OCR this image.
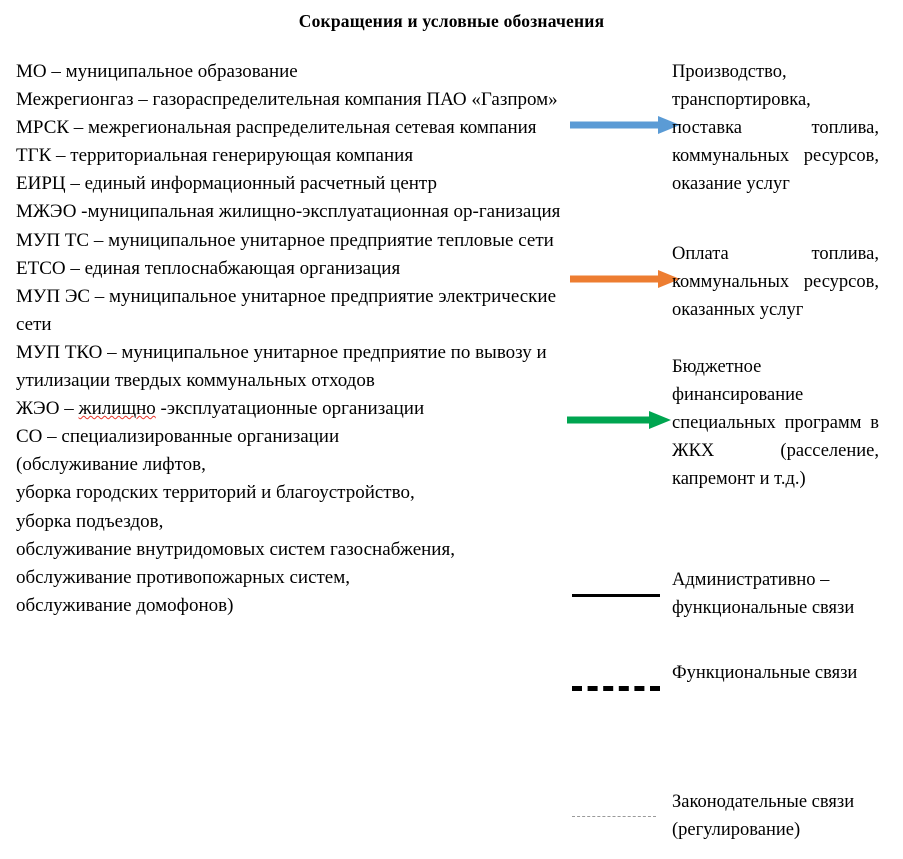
Сокращения и условные обозначения

МО – муниципальное образование

Межрегионгаз – газораспределительная компания ПАО «Газпром»

МРСК – межрегиональная распределительная сетевая компания

ТГК – территориальная генерирующая компания

ЕИРЦ – единый информационный расчетный центр

МЖЭО -муниципальная жилищно-эксплуатационная ор-ганизация

МУП ТС – муниципальное унитарное предприятие тепловые сети

ЕТСО – единая теплоснабжающая организация

МУП ЭС – муниципальное унитарное предприятие электрические сети

МУП ТКО – муниципальное унитарное предприятие по вывозу и утилизации твердых коммунальных отходов

ЖЭО – жилищно -эксплуатационные организации

СО – специализированные организации

(обслуживание лифтов,

уборка городских территорий и благоустройство,

уборка подъездов,

обслуживание внутридомовых систем газоснабжения,

обслуживание противопожарных систем,

обслуживание домофонов)

Производство, транспортировка, поставка топлива, коммунальных ресурсов, оказание услуг
Оплата топлива, коммунальных ресурсов, оказанных услуг
Бюджетное финансирование специальных программ в ЖКХ (расселение, капремонт и т.д.)
Административно – функциональные связи
Функциональные связи
Законодательные связи (регулирование)
